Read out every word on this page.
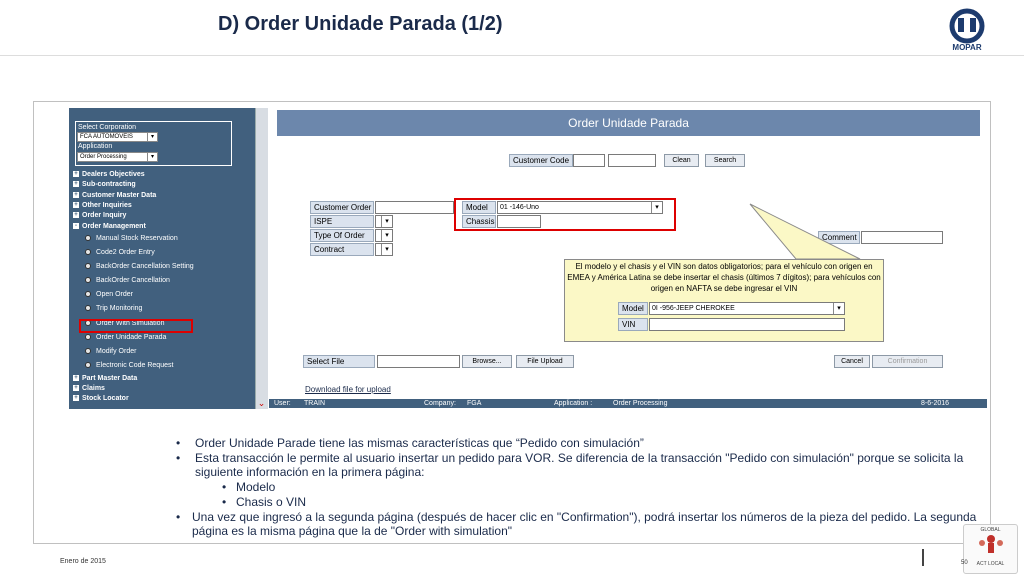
D) Order Unidade Parada (1/2)
MOPAR
⌄
Select Corporation
FCA AUTOMOVEIS	▾
Application
Order Processing	▾
+ Dealers Objectives
+ Sub-contracting
+ Customer Master Data
+ Other Inquiries
+ Order Inquiry
- Order Management
Manual Stock Reservation
Code2 Order Entry
BackOrder Cancellation Setting
BackOrder Cancellation
Open Order
Trip Monitoring
Order With Simulation
Order Unidade Parada
Modify Order
Electronic Code Request
+ Part Master Data
+ Claims
+ Stock Locator
Order Unidade Parada
Customer Code	Clean	Search
Customer Order
ISPE	▾
Type Of Order	▾
Contract	▾
Model	01 -146-Uno	▾
Chassis
Comment
El modelo y el chasis y el VIN son datos obligatorios; para el vehículo con origen en EMEA y América Latina se debe insertar el chasis (últimos 7 dígitos); para vehículos con origen en NAFTA se debe ingresar el VIN
Model	0I -956-JEEP CHEROKEE	▾
VIN
Select File	Browse...	File Upload	Cancel	Confirmation
Download file for upload
User: TRAIN	Company: FGA	Application :	Order Processing	8-6-2016
• Order Unidade Parade tiene las mismas características que “Pedido con simulación”
• Esta transacción le permite al usuario insertar un pedido para VOR. Se diferencia de la transacción "Pedido con simulación" porque se solicita la siguiente información en la primera página:
• Modelo
• Chasis o VIN
• Una vez que ingresó a la segunda página (después de hacer clic en "Confirmation"), podrá insertar los números de la pieza del pedido. La segunda página es la misma página que la de "Order with simulation"
Enero de 2015
GLOBAL
ACT LOCAL
50
